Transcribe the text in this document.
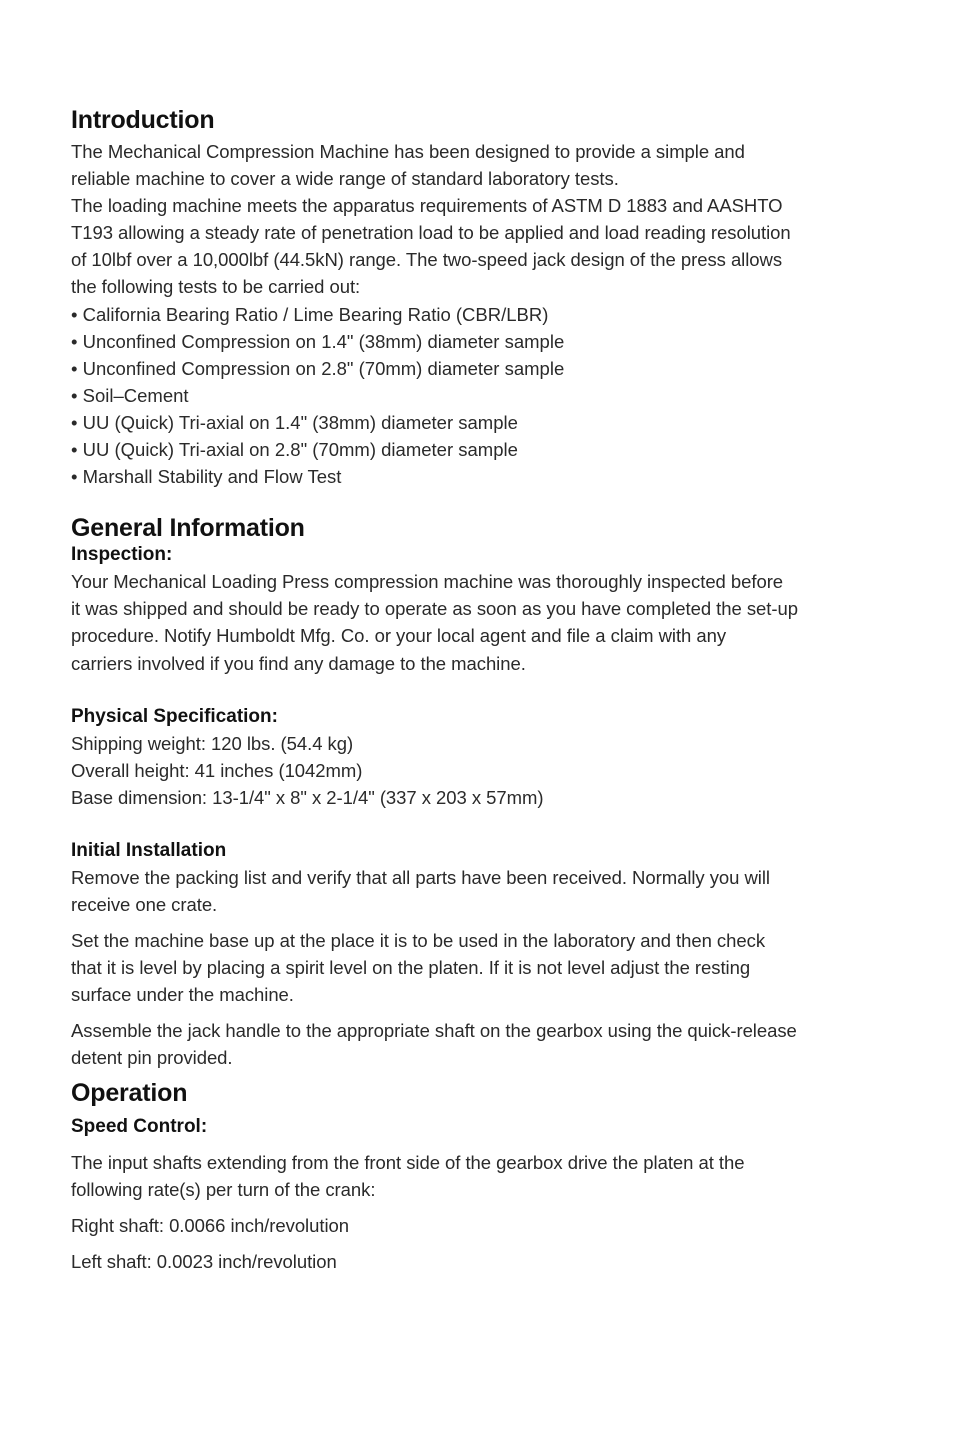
Introduction

The Mechanical Compression Machine has been designed to provide a simple and
reliable machine to cover a wide range of standard laboratory tests.

The loading machine meets the apparatus requirements of ASTM D 1883 and AASHTO
T193 allowing a steady rate of penetration load to be applied and load reading resolution
of 10lbf over a 10,000lbf (44.5kN) range. The two-speed jack design of the press allows
the following tests to be carried out:

• California Bearing Ratio / Lime Bearing Ratio (CBR/LBR)
• Unconfined Compression on 1.4" (38mm) diameter sample
• Unconfined Compression on 2.8" (70mm) diameter sample
• Soil–Cement
• UU (Quick) Tri-axial on 1.4" (38mm) diameter sample
• UU (Quick) Tri-axial on 2.8" (70mm) diameter sample
• Marshall Stability and Flow Test
General Information
Inspection:

Your Mechanical Loading Press compression machine was thoroughly inspected before
it was shipped and should be ready to operate as soon as you have completed the set-up
procedure. Notify Humboldt Mfg. Co. or your local agent and file a claim with any
carriers involved if you find any damage to the machine.

Physical Specification:

Shipping weight: 120 lbs. (54.4 kg)

Overall height: 41 inches (1042mm)

Base dimension: 13-1/4" x 8" x 2-1/4" (337 x 203 x 57mm)

Initial Installation

Remove the packing list and verify that all parts have been received. Normally you will
receive one crate.

Set the machine base up at the place it is to be used in the laboratory and then check
that it is level by placing a spirit level on the platen. If it is not level adjust the resting
surface under the machine.

Assemble the jack handle to the appropriate shaft on the gearbox using the quick-release
detent pin provided.

Operation
Speed Control:

The input shafts extending from the front side of the gearbox drive the platen at the
following rate(s) per turn of the crank:

Right shaft: 0.0066 inch/revolution

Left shaft: 0.0023 inch/revolution
